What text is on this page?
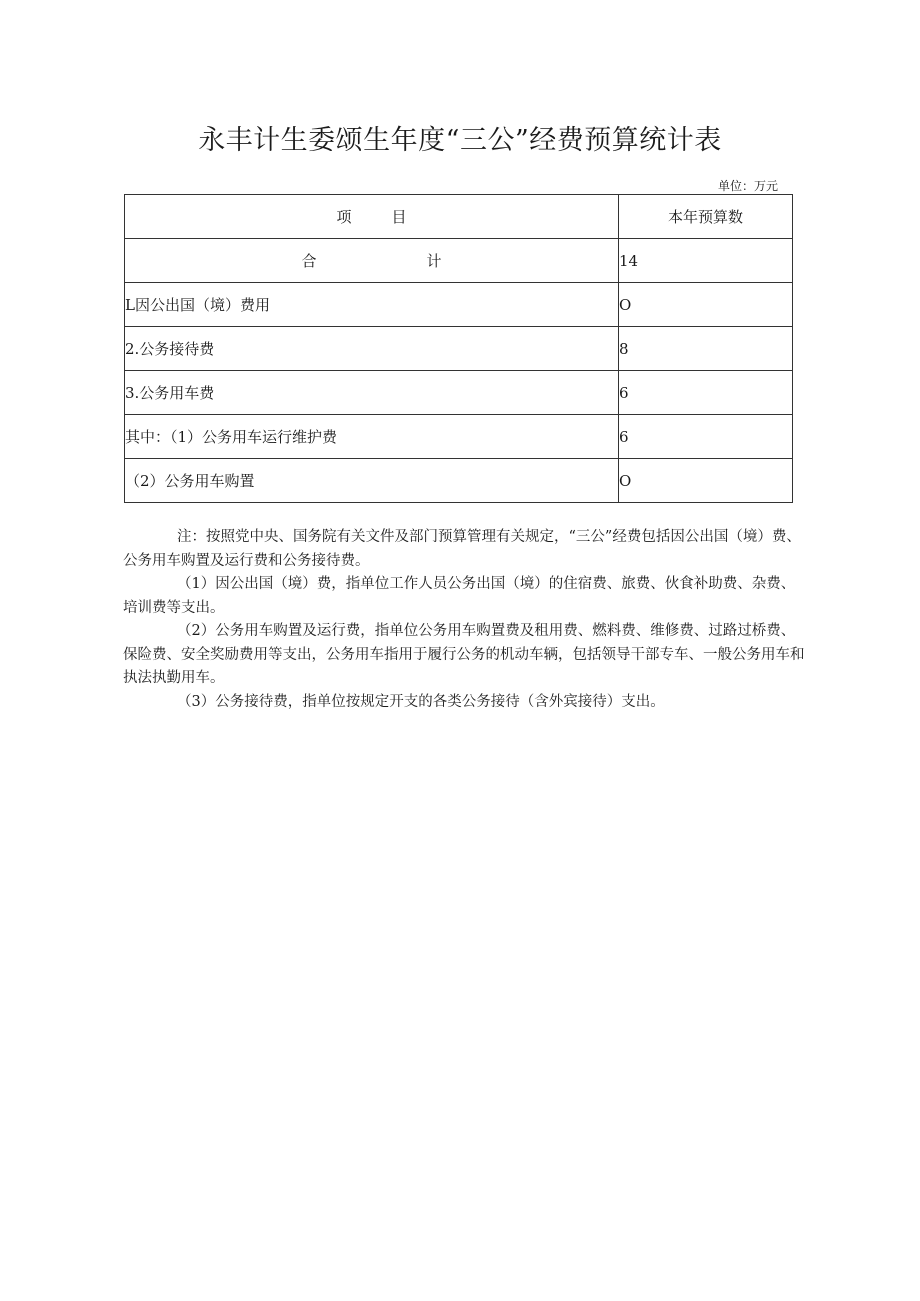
永丰计生委颂生年度“三公”经费预算统计表
单位：万元
项目	本年预算数
合计	14
L因公出国（境）费用	O
2.公务接待费	8
3.公务用车费	6
其中：（1）公务用车运行维护费	6
（2）公务用车购置	O

注：按照党中央、国务院有关文件及部门预算管理有关规定，“三公”经费包括因公出国（境）费、公务用车购置及运行费和公务接待费。

（1）因公出国（境）费，指单位工作人员公务出国（境）的住宿费、旅费、伙食补助费、杂费、培训费等支出。

（2）公务用车购置及运行费，指单位公务用车购置费及租用费、燃料费、维修费、过路过桥费、保险费、安全奖励费用等支出，公务用车指用于履行公务的机动车辆，包括领导干部专车、一般公务用车和执法执勤用车。

（3）公务接待费，指单位按规定开支的各类公务接待（含外宾接待）支出。
